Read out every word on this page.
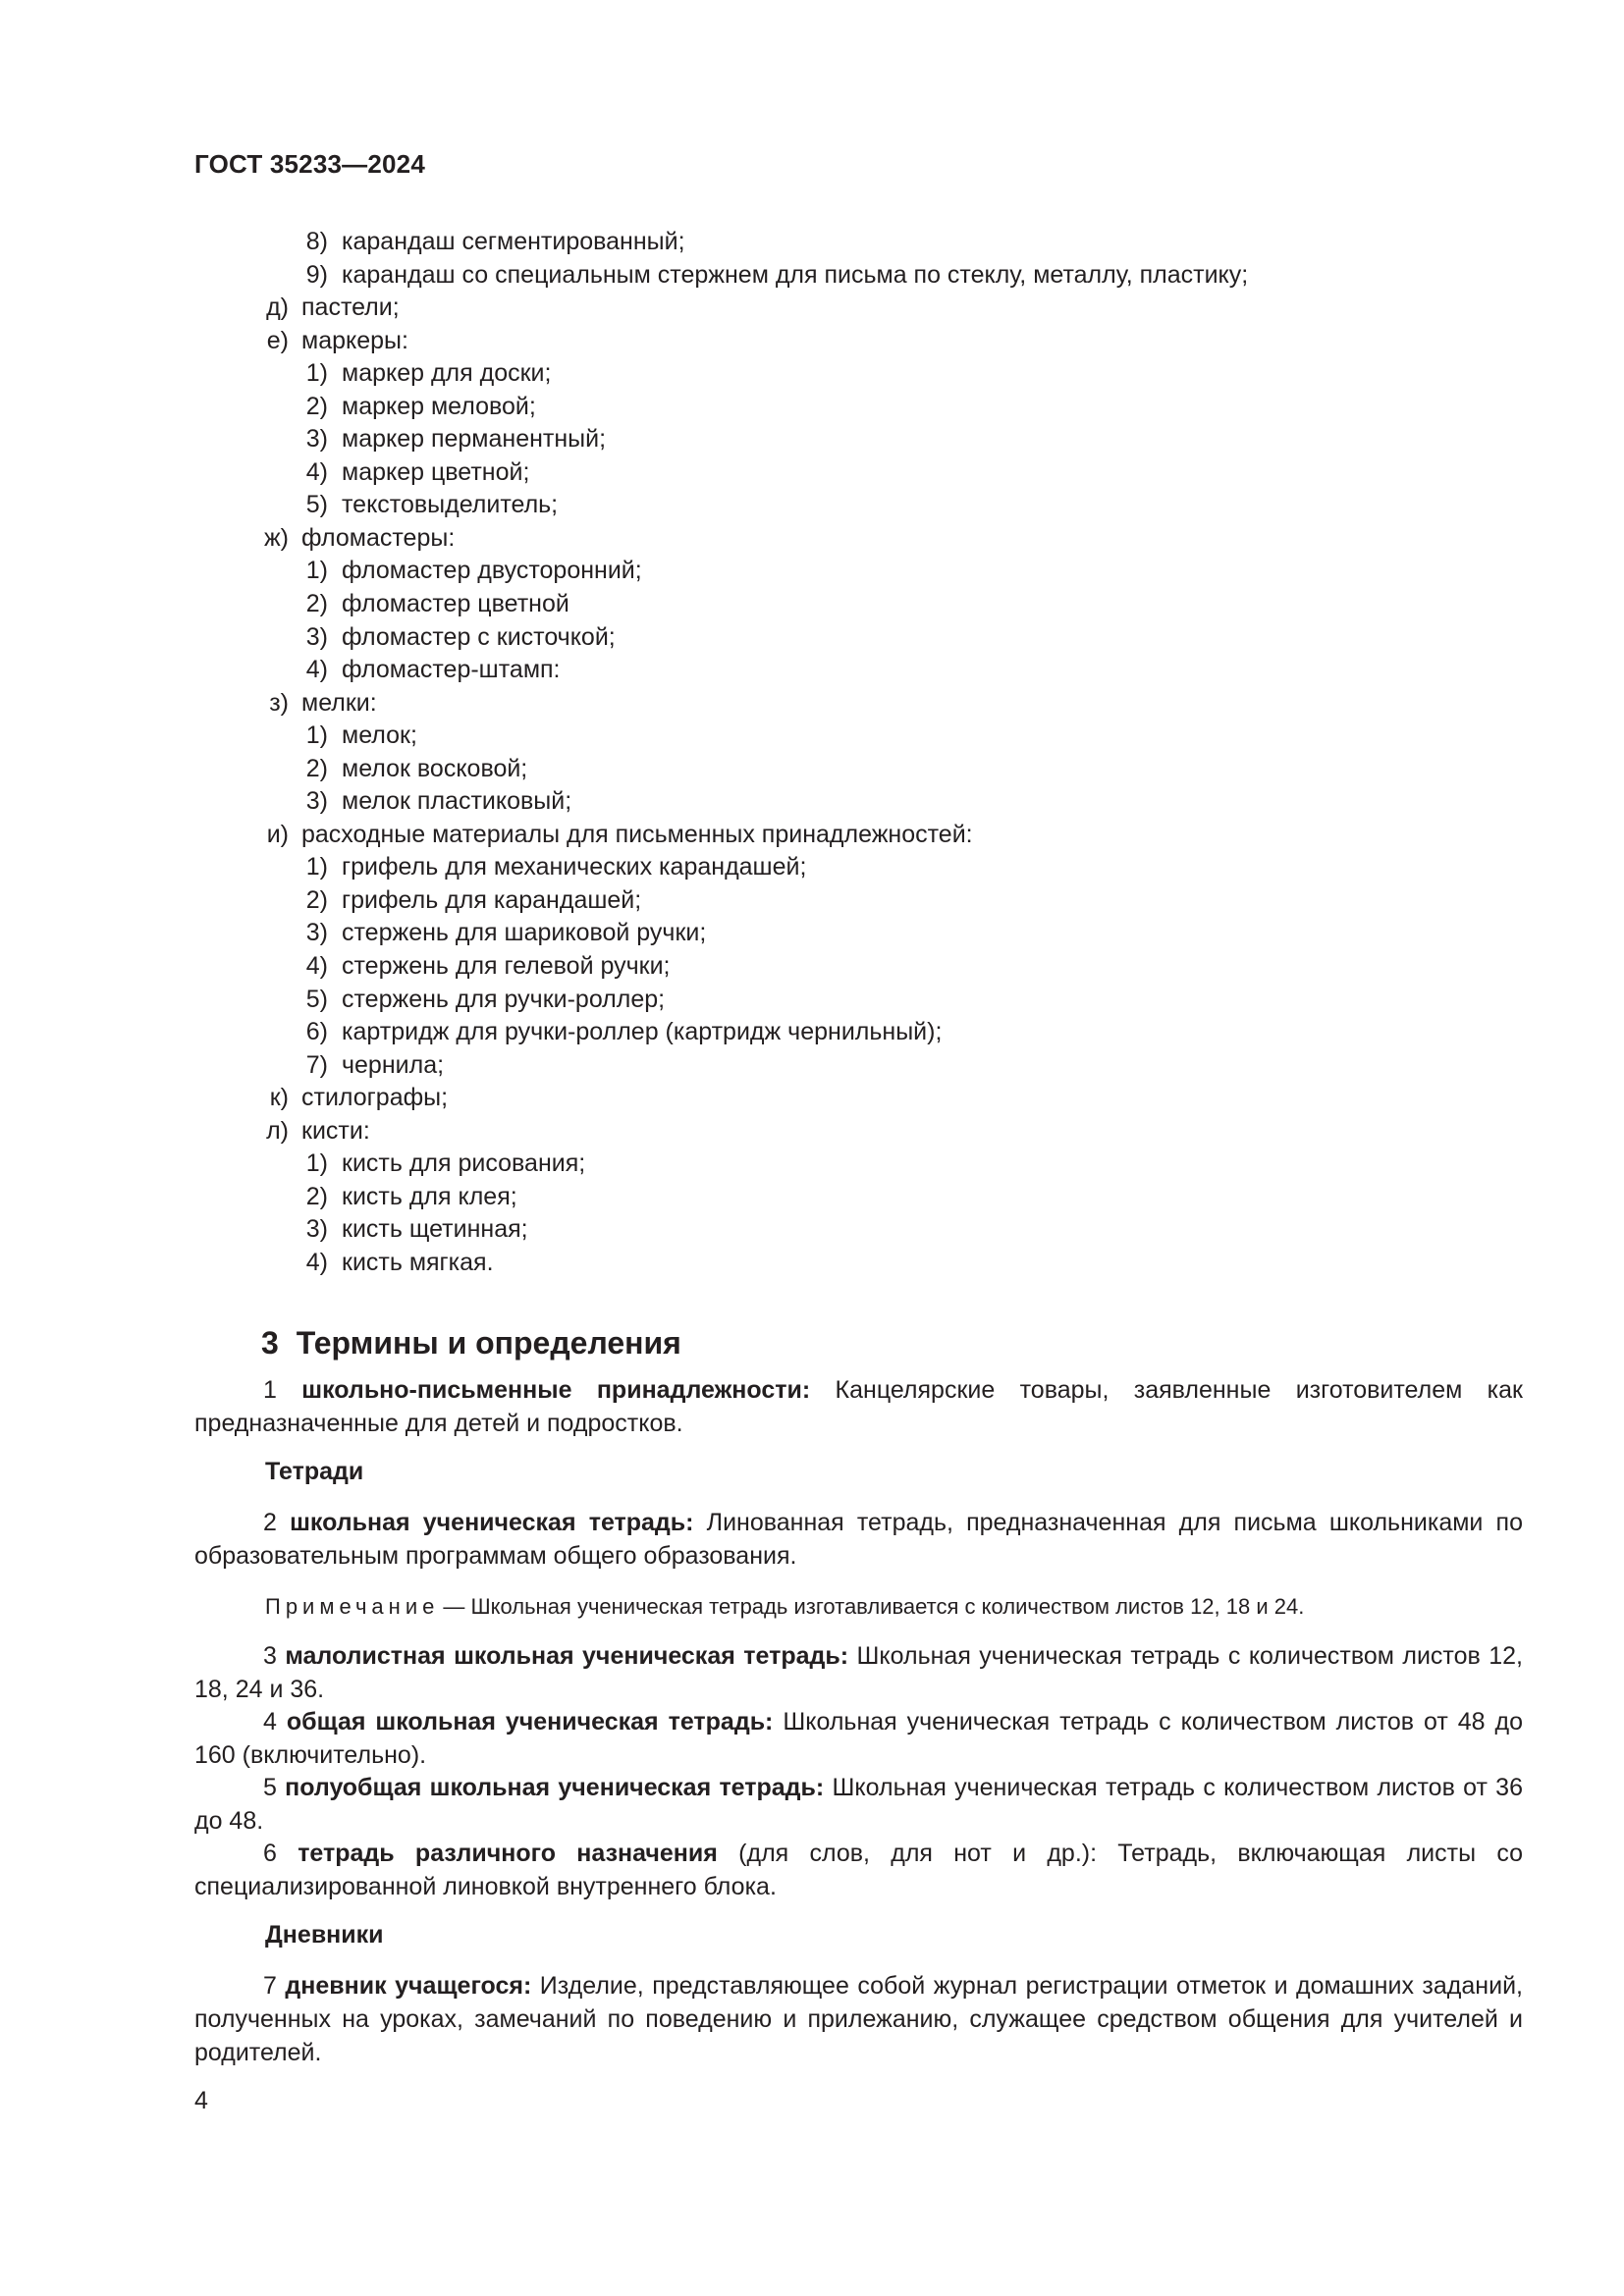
ГОСТ 35233—2024
8) карандаш сегментированный;
9) карандаш со специальным стержнем для письма по стеклу, металлу, пластику;
д) пастели;
е) маркеры:
1) маркер для доски;
2) маркер меловой;
3) маркер перманентный;
4) маркер цветной;
5) текстовыделитель;
ж) фломастеры:
1) фломастер двусторонний;
2) фломастер цветной
3) фломастер с кисточкой;
4) фломастер-штамп:
з) мелки:
1) мелок;
2) мелок восковой;
3) мелок пластиковый;
и) расходные материалы для письменных принадлежностей:
1) грифель для механических карандашей;
2) грифель для карандашей;
3) стержень для шариковой ручки;
4) стержень для гелевой ручки;
5) стержень для ручки-роллер;
6) картридж для ручки-роллер (картридж чернильный);
7) чернила;
к) стилографы;
л) кисти:
1) кисть для рисования;
2) кисть для клея;
3) кисть щетинная;
4) кисть мягкая.
3 Термины и определения
1 школьно-письменные принадлежности: Канцелярские товары, заявленные изготовителем как предназначенные для детей и подростков.
Тетради
2 школьная ученическая тетрадь: Линованная тетрадь, предназначенная для письма школьниками по образовательным программам общего образования.
Примечание — Школьная ученическая тетрадь изготавливается с количеством листов 12, 18 и 24.
3 малолистная школьная ученическая тетрадь: Школьная ученическая тетрадь с количеством листов 12, 18, 24 и 36.
4 общая школьная ученическая тетрадь: Школьная ученическая тетрадь с количеством листов от 48 до 160 (включительно).
5 полуобщая школьная ученическая тетрадь: Школьная ученическая тетрадь с количеством листов от 36 до 48.
6 тетрадь различного назначения (для слов, для нот и др.): Тетрадь, включающая листы со специализированной линовкой внутреннего блока.
Дневники
7 дневник учащегося: Изделие, представляющее собой журнал регистрации отметок и домашних заданий, полученных на уроках, замечаний по поведению и прилежанию, служащее средством общения для учителей и родителей.
4
